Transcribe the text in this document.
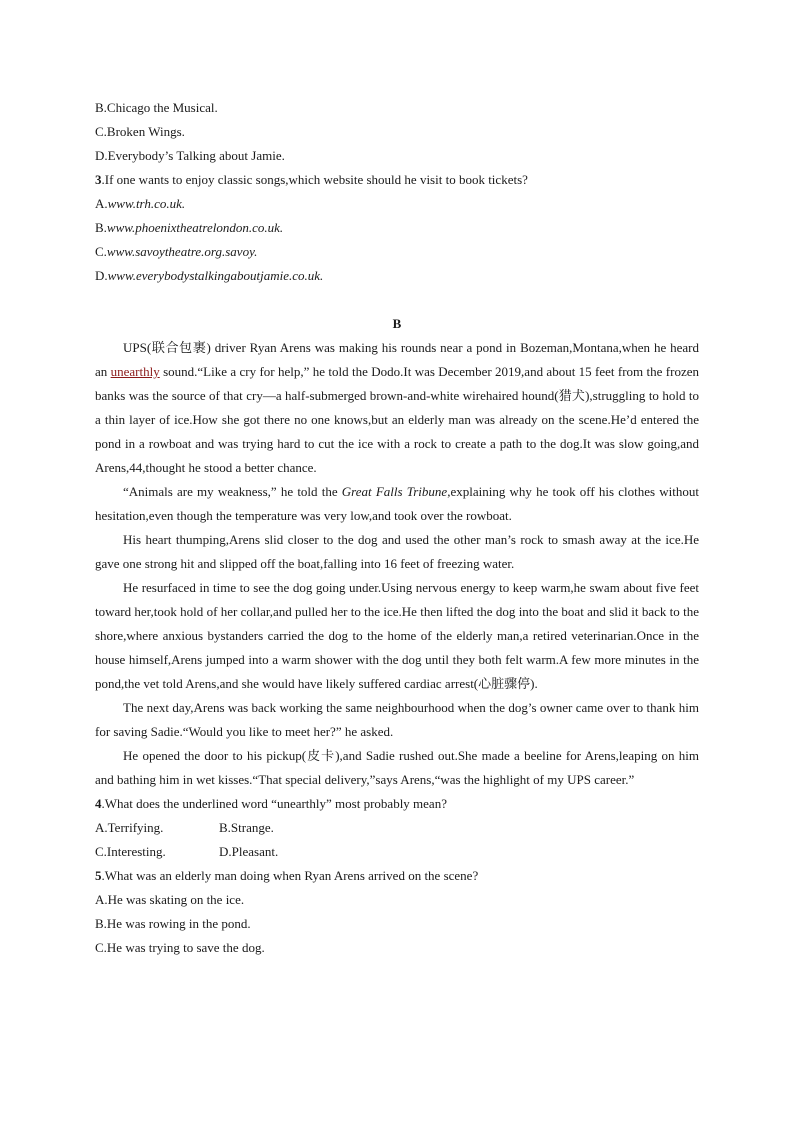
B.Chicago the Musical.
C.Broken Wings.
D.Everybody’s Talking about Jamie.
3.If one wants to enjoy classic songs,which website should he visit to book tickets?
A.www.trh.co.uk.
B.www.phoenixtheatrelondon.co.uk.
C.www.savoytheatre.org.savoy.
D.www.everybodystalkingaboutjamie.co.uk.
B

UPS(联合包裹) driver Ryan Arens was making his rounds near a pond in Bozeman,Montana,when he heard an unearthly sound.“Like a cry for help,” he told the Dodo.It was December 2019,and about 15 feet from the frozen banks was the source of that cry—a half-submerged brown-and-white wirehaired hound(猎犬),struggling to hold to a thin layer of ice.How she got there no one knows,but an elderly man was already on the scene.He’d entered the pond in a rowboat and was trying hard to cut the ice with a rock to create a path to the dog.It was slow going,and Arens,44,thought he stood a better chance.

“Animals are my weakness,” he told the Great Falls Tribune,explaining why he took off his clothes without hesitation,even though the temperature was very low,and took over the rowboat.

His heart thumping,Arens slid closer to the dog and used the other man’s rock to smash away at the ice.He gave one strong hit and slipped off the boat,falling into 16 feet of freezing water.

He resurfaced in time to see the dog going under.Using nervous energy to keep warm,he swam about five feet toward her,took hold of her collar,and pulled her to the ice.He then lifted the dog into the boat and slid it back to the shore,where anxious bystanders carried the dog to the home of the elderly man,a retired veterinarian.Once in the house himself,Arens jumped into a warm shower with the dog until they both felt warm.A few more minutes in the pond,the vet told Arens,and she would have likely suffered cardiac arrest(心脏骤停).

The next day,Arens was back working the same neighbourhood when the dog’s owner came over to thank him for saving Sadie.“Would you like to meet her?” he asked.

He opened the door to his pickup(皮卡),and Sadie rushed out.She made a beeline for Arens,leaping on him and bathing him in wet kisses.“That special delivery,”says Arens,“was the highlight of my UPS career.”

4.What does the underlined word “unearthly” most probably mean?
A.Terrifying.	B.Strange.
C.Interesting.	D.Pleasant.
5.What was an elderly man doing when Ryan Arens arrived on the scene?
A.He was skating on the ice.
B.He was rowing in the pond.
C.He was trying to save the dog.
